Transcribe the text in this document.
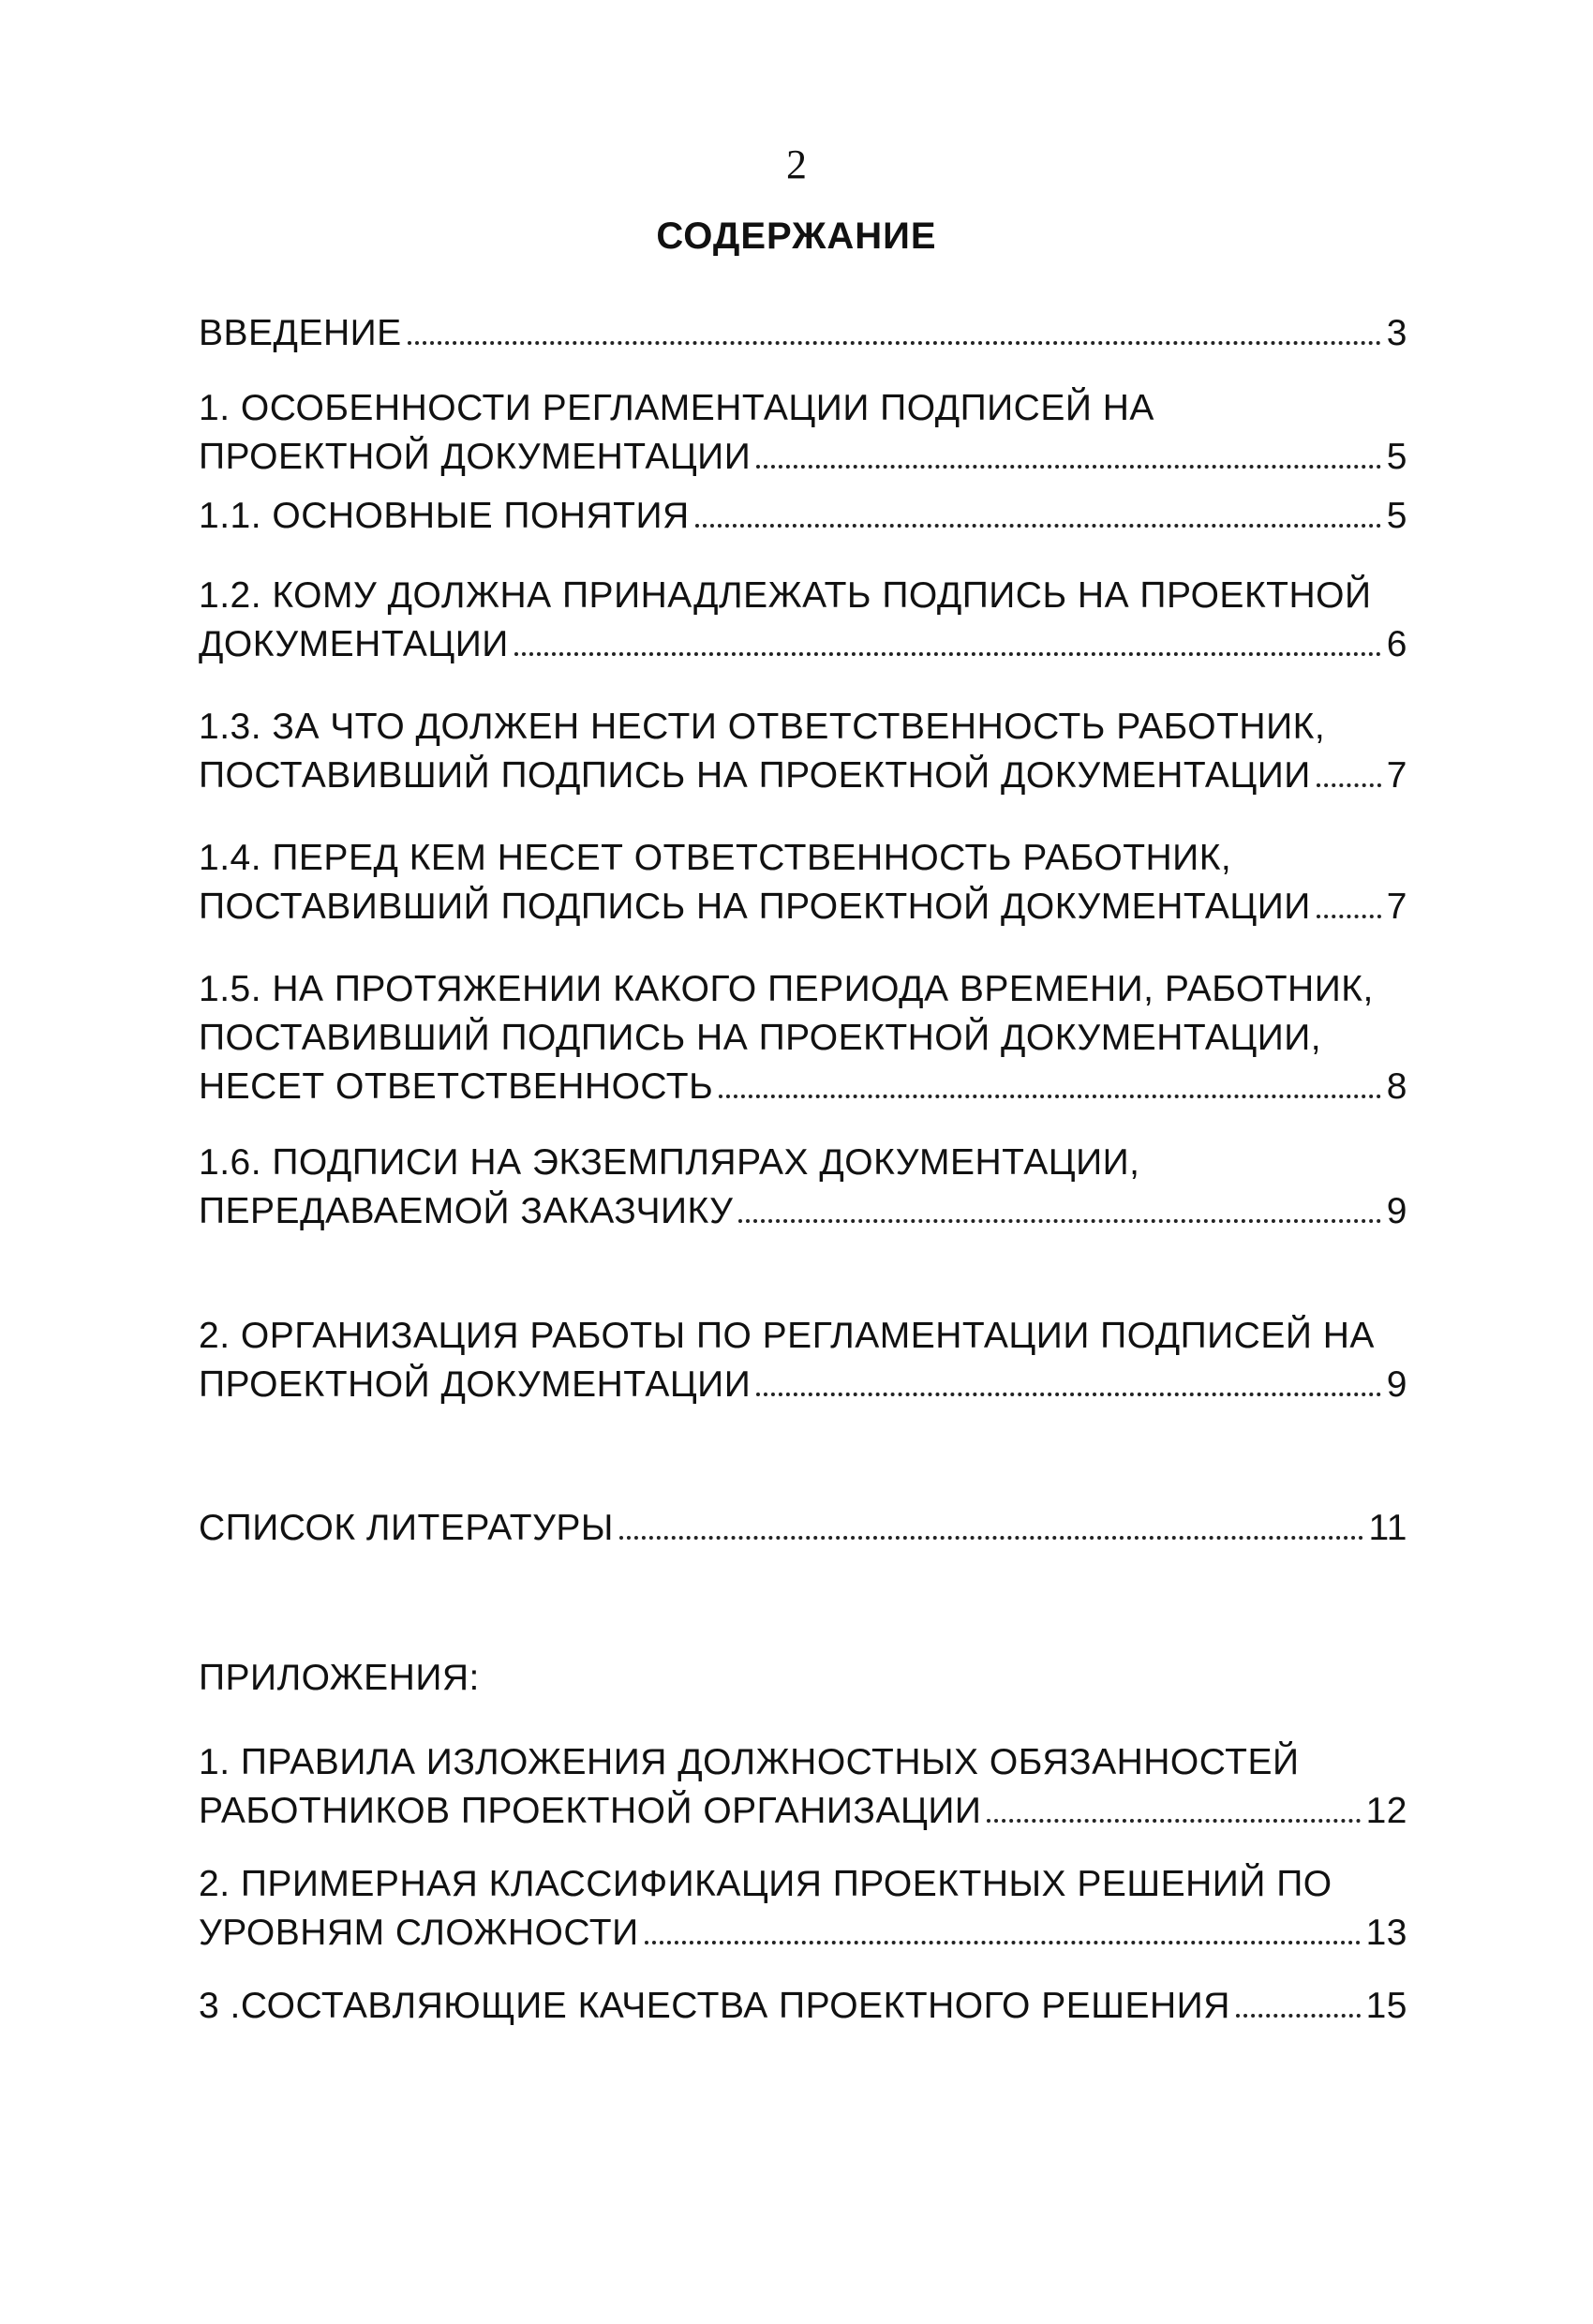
2
СОДЕРЖАНИЕ
ВВЕДЕНИЕ	3
1. ОСОБЕННОСТИ РЕГЛАМЕНТАЦИИ ПОДПИСЕЙ НА
ПРОЕКТНОЙ ДОКУМЕНТАЦИИ	5
1.1. ОСНОВНЫЕ ПОНЯТИЯ	5
1.2. КОМУ ДОЛЖНА ПРИНАДЛЕЖАТЬ ПОДПИСЬ НА ПРОЕКТНОЙ
ДОКУМЕНТАЦИИ	6
1.3. ЗА ЧТО ДОЛЖЕН НЕСТИ ОТВЕТСТВЕННОСТЬ РАБОТНИК,
ПОСТАВИВШИЙ ПОДПИСЬ НА ПРОЕКТНОЙ ДОКУМЕНТАЦИИ 7
1.4. ПЕРЕД КЕМ НЕСЕТ ОТВЕТСТВЕННОСТЬ РАБОТНИК,
ПОСТАВИВШИЙ ПОДПИСЬ НА ПРОЕКТНОЙ ДОКУМЕНТАЦИИ 7
1.5. НА ПРОТЯЖЕНИИ КАКОГО ПЕРИОДА ВРЕМЕНИ, РАБОТНИК,
ПОСТАВИВШИЙ ПОДПИСЬ НА ПРОЕКТНОЙ ДОКУМЕНТАЦИИ,
НЕСЕТ ОТВЕТСТВЕННОСТЬ	8
1.6. ПОДПИСИ НА ЭКЗЕМПЛЯРАХ ДОКУМЕНТАЦИИ,
ПЕРЕДАВАЕМОЙ ЗАКАЗЧИКУ	9
2. ОРГАНИЗАЦИЯ РАБОТЫ ПО РЕГЛАМЕНТАЦИИ ПОДПИСЕЙ НА
ПРОЕКТНОЙ ДОКУМЕНТАЦИИ	9
СПИСОК ЛИТЕРАТУРЫ	11
ПРИЛОЖЕНИЯ:
1. ПРАВИЛА ИЗЛОЖЕНИЯ ДОЛЖНОСТНЫХ ОБЯЗАННОСТЕЙ
РАБОТНИКОВ ПРОЕКТНОЙ ОРГАНИЗАЦИИ	12
2. ПРИМЕРНАЯ КЛАССИФИКАЦИЯ ПРОЕКТНЫХ РЕШЕНИЙ ПО
УРОВНЯМ СЛОЖНОСТИ	13
3 .СОСТАВЛЯЮЩИЕ КАЧЕСТВА ПРОЕКТНОГО РЕШЕНИЯ	15
